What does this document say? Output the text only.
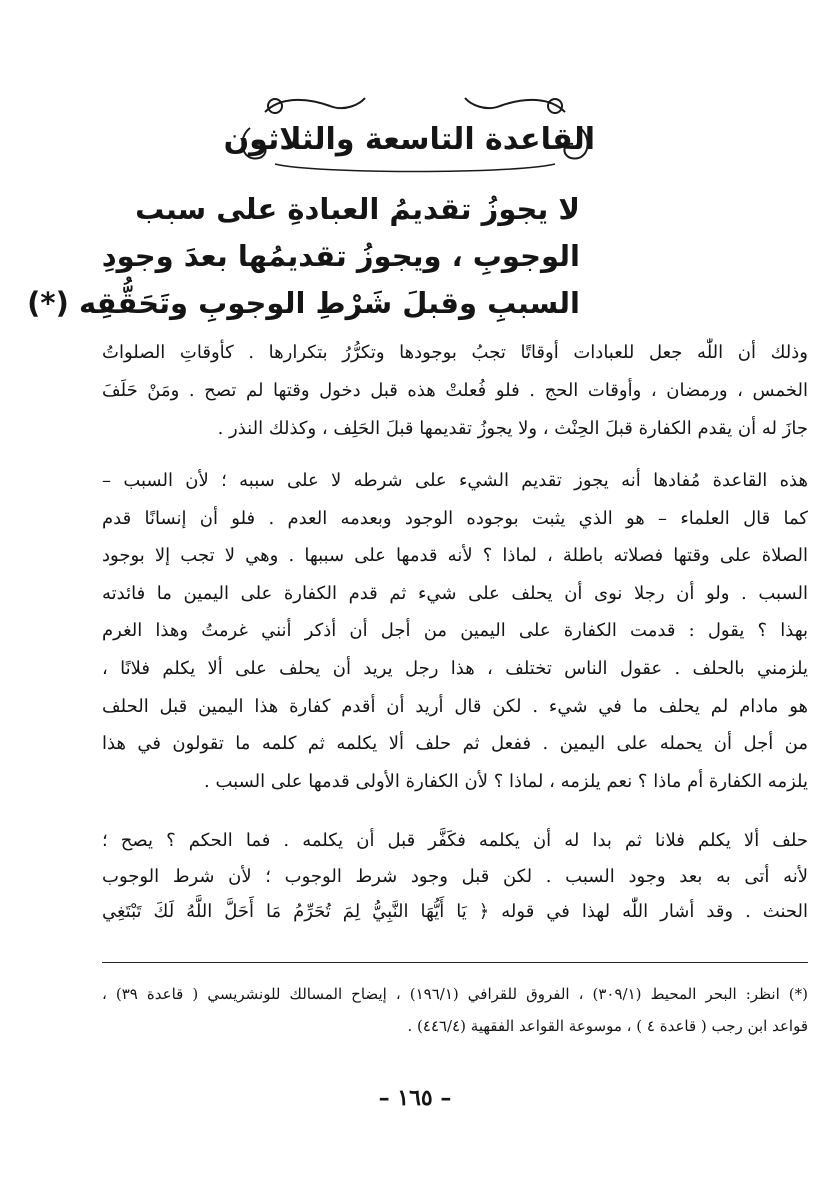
القاعدة التاسعة والثلاثون
لا يجوزُ تقديمُ العبادةِ على سبب
الوجوبِ ، ويجوزُ تقديمُها بعدَ وجودِ
السببِ وقبلَ شَرْطِ الوجوبِ وتَحَقُّقِه (*)
وذلك أن اللّٰه جعل للعبادات أوقاتًا تجبُ بوجودها وتكرُّرُ بتكرارها . كأوقاتِ الصلواتُ
الخمس ، ورمضان ، وأوقات الحج . فلو فُعلتْ هذه قبل دخول وقتها لم تصح . ومَنْ حَلَفَ
جازَ له أن يقدم الكفارة قبلَ الحِنْث ، ولا يجوزُ تقديمها قبلَ الحَلِف ، وكذلك النذر .
هذه القاعدة مُفادها أنه يجوز تقديم الشيء على شرطه لا على سببه ؛ لأن السبب –
كما قال العلماء – هو الذي يثبت بوجوده الوجود وبعدمه العدم . فلو أن إنسانًا قدم
الصلاة على وقتها فصلاته باطلة ، لماذا ؟ لأنه قدمها على سببها . وهي لا تجب إلا بوجود
السبب . ولو أن رجلا نوى أن يحلف على شيء ثم قدم الكفارة على اليمين ما فائدته
بهذا ؟ يقول : قدمت الكفارة على اليمين من أجل أن أذكر أنني غرمتُ وهذا الغرم
يلزمني بالحلف . عقول الناس تختلف ، هذا رجل يريد أن يحلف على ألا يكلم فلانًا ،
هو مادام لم يحلف ما في شيء . لكن قال أريد أن أقدم كفارة هذا اليمين قبل الحلف
من أجل أن يحمله على اليمين . ففعل ثم حلف ألا يكلمه ثم كلمه ما تقولون في هذا
يلزمه الكفارة أم ماذا ؟ نعم يلزمه ، لماذا ؟ لأن الكفارة الأولى قدمها على السبب .
حلف ألا يكلم فلانا ثم بدا له أن يكلمه فكَفَّر قبل أن يكلمه . فما الحكم ؟ يصح ؛
لأنه أتى به بعد وجود السبب . لكن قبل وجود شرط الوجوب ؛ لأن شرط الوجوب
الحنث . وقد أشار اللّٰه لهذا في قوله ﴿ يَا أَيُّهَا النَّبِيُّ لِمَ تُحَرِّمُ مَا أَحَلَّ اللَّهُ لَكَ تَبْتَغِي
(*) انظر: البحر المحيط (٣٠٩/١) ، الفروق للقرافي (١٩٦/١) ، إيضاح المسالك للونشريسي ( قاعدة ٣٩) ،
قواعد ابن رجب ( قاعدة ٤ ) ، موسوعة القواعد الفقهية (٤٤٦/٤) .
– ١٦٥ –
